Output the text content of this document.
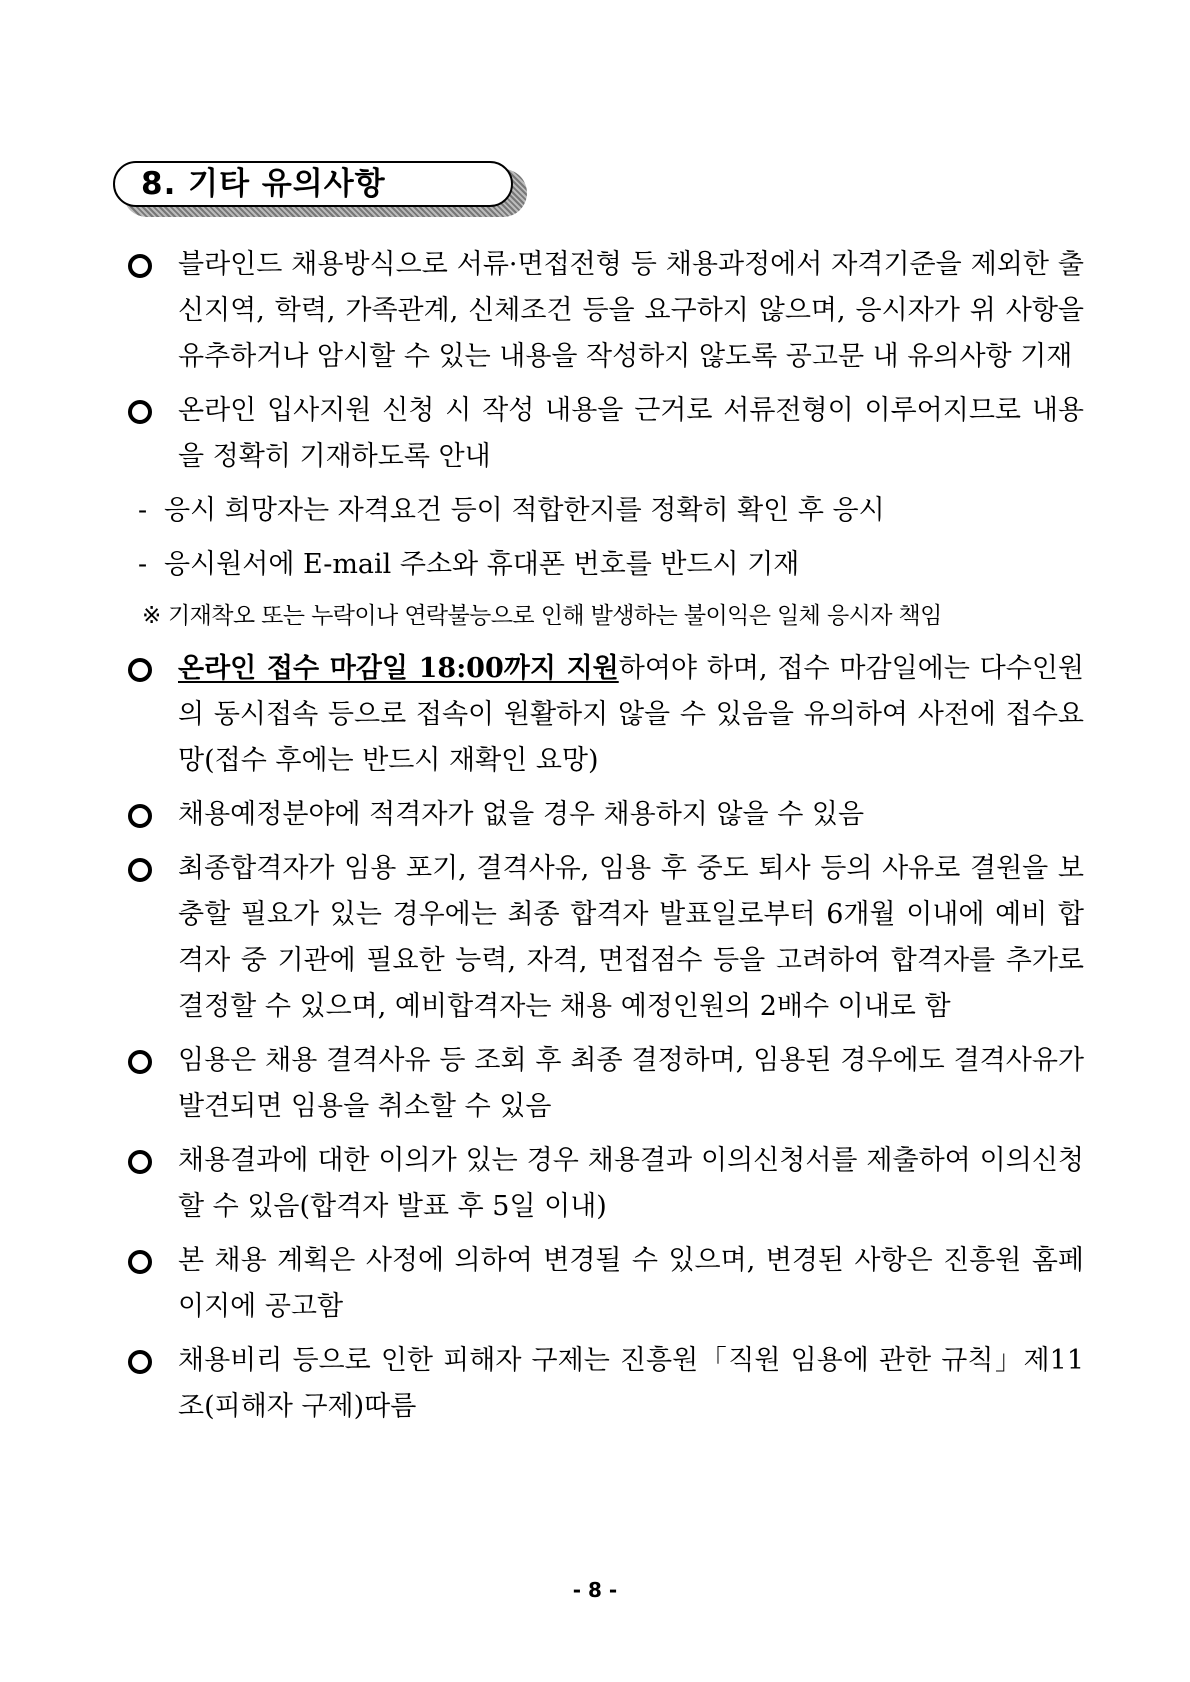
8. 기타 유의사항
블라인드 채용방식으로 서류·면접전형 등 채용과정에서 자격기준을 제외한 출신지역, 학력, 가족관계, 신체조건 등을 요구하지 않으며, 응시자가 위 사항을 유추하거나 암시할 수 있는 내용을 작성하지 않도록 공고문 내 유의사항 기재
온라인 입사지원 신청 시 작성 내용을 근거로 서류전형이 이루어지므로 내용을 정확히 기재하도록 안내
- 응시 희망자는 자격요건 등이 적합한지를 정확히 확인 후 응시
- 응시원서에 E-mail 주소와 휴대폰 번호를 반드시 기재
※ 기재착오 또는 누락이나 연락불능으로 인해 발생하는 불이익은 일체 응시자 책임
온라인 접수 마감일 18:00까지 지원하여야 하며, 접수 마감일에는 다수인원의 동시접속 등으로 접속이 원활하지 않을 수 있음을 유의하여 사전에 접수요망(접수 후에는 반드시 재확인 요망)
채용예정분야에 적격자가 없을 경우 채용하지 않을 수 있음
최종합격자가 임용 포기, 결격사유, 임용 후 중도 퇴사 등의 사유로 결원을 보충할 필요가 있는 경우에는 최종 합격자 발표일로부터 6개월 이내에 예비 합격자 중 기관에 필요한 능력, 자격, 면접점수 등을 고려하여 합격자를 추가로 결정할 수 있으며, 예비합격자는 채용 예정인원의 2배수 이내로 함
임용은 채용 결격사유 등 조회 후 최종 결정하며, 임용된 경우에도 결격사유가 발견되면 임용을 취소할 수 있음
채용결과에 대한 이의가 있는 경우 채용결과 이의신청서를 제출하여 이의신청 할 수 있음(합격자 발표 후 5일 이내)
본 채용 계획은 사정에 의하여 변경될 수 있으며, 변경된 사항은 진흥원 홈페이지에 공고함
채용비리 등으로 인한 피해자 구제는 진흥원「직원 임용에 관한 규칙」제11조(피해자 구제)따름
- 8 -
